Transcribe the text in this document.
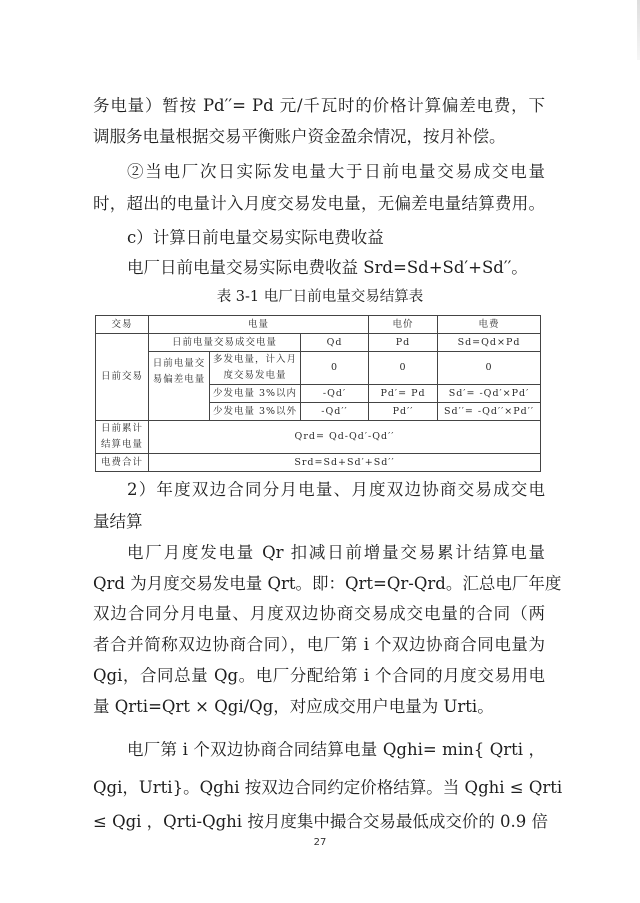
务电量）暂按 Pd′′= Pd 元/千瓦时的价格计算偏差电费，下
调服务电量根据交易平衡账户资金盈余情况，按月补偿。
②当电厂次日实际发电量大于日前电量交易成交电量
时，超出的电量计入月度交易发电量，无偏差电量结算费用。
c）计算日前电量交易实际电费收益
电厂日前电量交易实际电费收益 Srd=Sd+Sd′+Sd′′。
表 3-1 电厂日前电量交易结算表
交易	电量			电价	电费
日前交易	日前电量交易成交电量		Qd	Pd	Sd=Qd×Pd
	日前电量交易偏差电量	多发电量，计入月度交易发电量	0	0	0
		少发电量 3%以内	-Qd′	Pd′= Pd	Sd′= -Qd′×Pd′
		少发电量 3%以外	-Qd′′	Pd′′	Sd′′= -Qd′′×Pd′′
日前累计结算电量	Qrd= Qd-Qd′-Qd′′				
电费合计	Srd=Sd+Sd′+Sd′′				
2）年度双边合同分月电量、月度双边协商交易成交电
量结算
电厂月度发电量 Qr 扣减日前增量交易累计结算电量
Qrd 为月度交易发电量 Qrt。即：Qrt=Qr-Qrd。汇总电厂年度
双边合同分月电量、月度双边协商交易成交电量的合同（两
者合并简称双边协商合同），电厂第 i 个双边协商合同电量为
Qgi，合同总量 Qg。电厂分配给第 i 个合同的月度交易用电
量 Qrti=Qrt × Qgi/Qg，对应成交用户电量为 Urti。
电厂第 i 个双边协商合同结算电量 Qghi= min{ Qrti ，
Qgi，Urti}。Qghi 按双边合同约定价格结算。当 Qghi ≤ Qrti
≤ Qgi ，Qrti-Qghi 按月度集中撮合交易最低成交价的 0.9 倍
27
